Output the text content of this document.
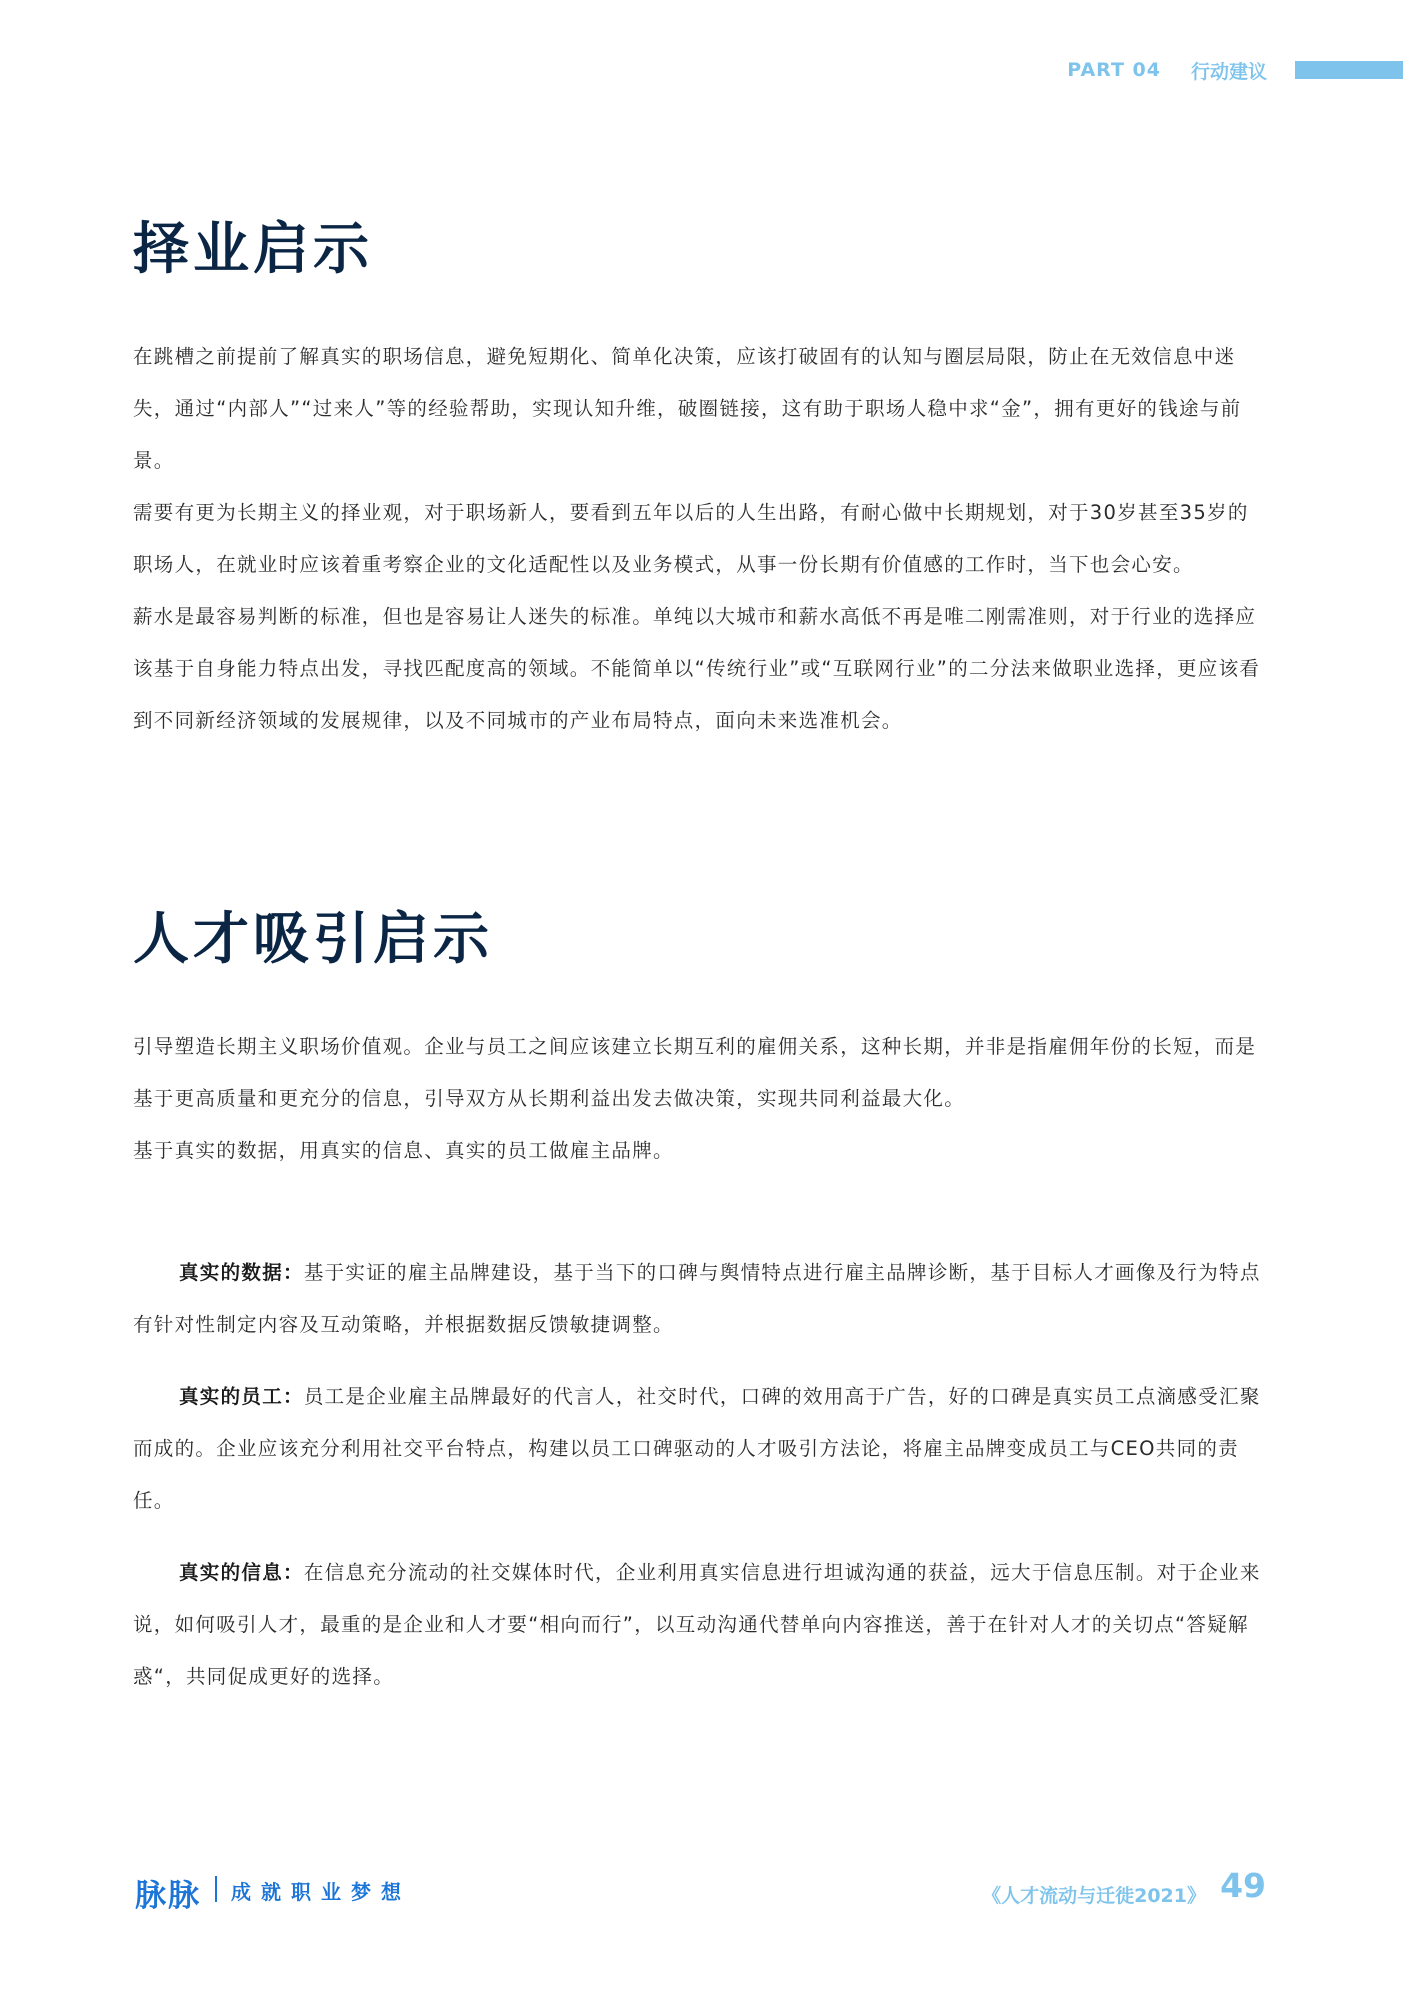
PART 04 行动建议
择业启示

在跳槽之前提前了解真实的职场信息，避免短期化、简单化决策，应该打破固有的认知与圈层局限，防止在无效信息中迷失，通过“内部人”“过来人”等的经验帮助，实现认知升维，破圈链接，这有助于职场人稳中求“金”，拥有更好的钱途与前景。

需要有更为长期主义的择业观，对于职场新人，要看到五年以后的人生出路，有耐心做中长期规划，对于30岁甚至35岁的职场人，在就业时应该着重考察企业的文化适配性以及业务模式，从事一份长期有价值感的工作时，当下也会心安。

薪水是最容易判断的标准，但也是容易让人迷失的标准。单纯以大城市和薪水高低不再是唯二刚需准则，对于行业的选择应该基于自身能力特点出发，寻找匹配度高的领域。不能简单以“传统行业”或“互联网行业”的二分法来做职业选择，更应该看到不同新经济领域的发展规律，以及不同城市的产业布局特点，面向未来选准机会。

人才吸引启示

引导塑造长期主义职场价值观。企业与员工之间应该建立长期互利的雇佣关系，这种长期，并非是指雇佣年份的长短，而是基于更高质量和更充分的信息，引导双方从长期利益出发去做决策，实现共同利益最大化。

基于真实的数据，用真实的信息、真实的员工做雇主品牌。

真实的数据：基于实证的雇主品牌建设，基于当下的口碑与舆情特点进行雇主品牌诊断，基于目标人才画像及行为特点有针对性制定内容及互动策略，并根据数据反馈敏捷调整。

真实的员工：员工是企业雇主品牌最好的代言人，社交时代，口碑的效用高于广告，好的口碑是真实员工点滴感受汇聚而成的。企业应该充分利用社交平台特点，构建以员工口碑驱动的人才吸引方法论，将雇主品牌变成员工与CEO共同的责任。

真实的信息：在信息充分流动的社交媒体时代，企业利用真实信息进行坦诚沟通的获益，远大于信息压制。对于企业来说，如何吸引人才，最重的是企业和人才要“相向而行”，以互动沟通代替单向内容推送，善于在针对人才的关切点“答疑解惑“，共同促成更好的选择。

脉脉 成就职业梦想	《人才流动与迁徙2021》 49
